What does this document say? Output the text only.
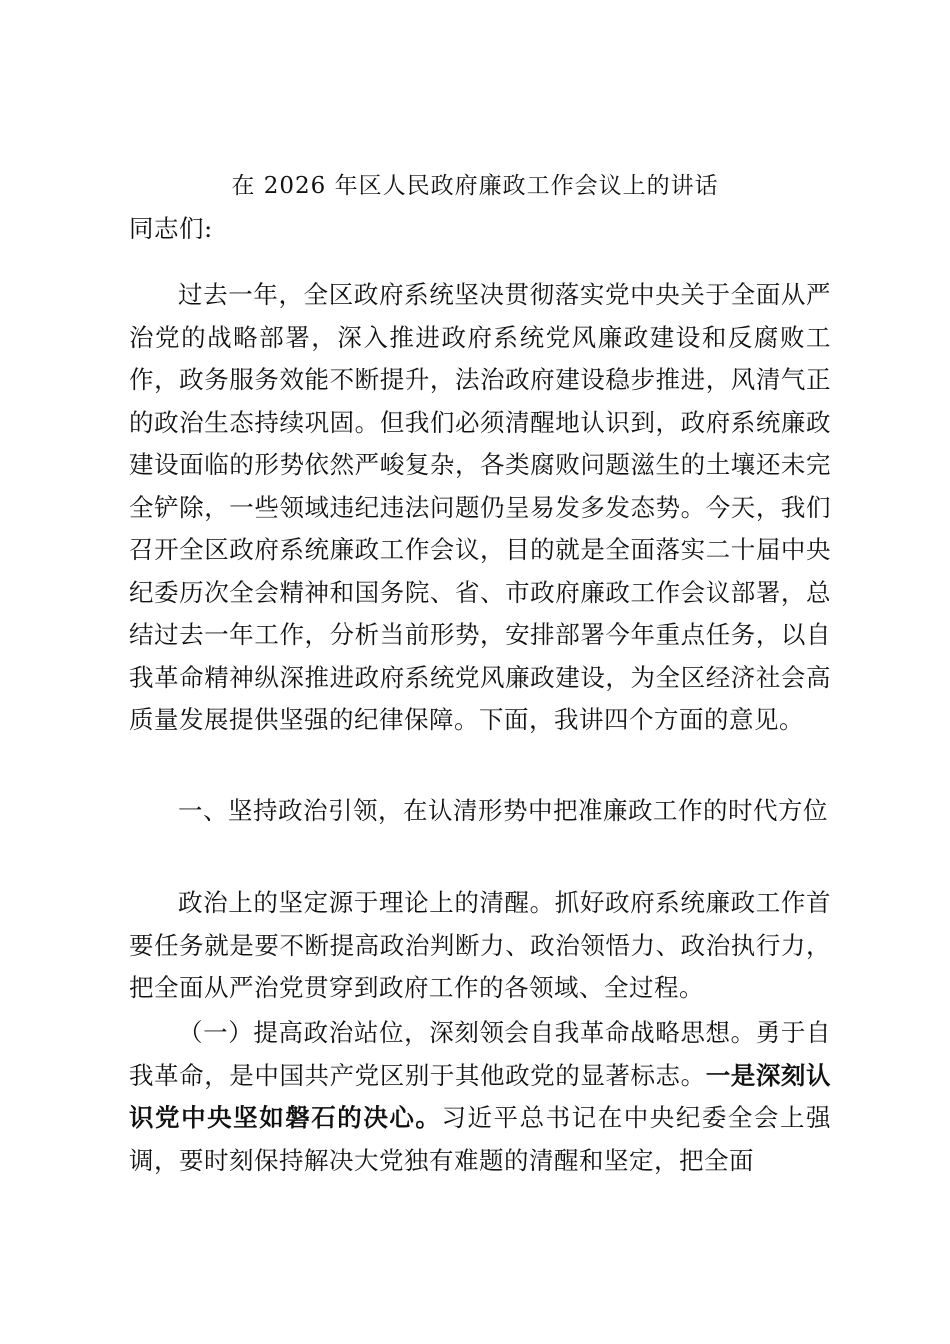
在 2026 年区人民政府廉政工作会议上的讲话
同志们:
过去一年，全区政府系统坚决贯彻落实党中央关于全面从严治党的战略部署，深入推进政府系统党风廉政建设和反腐败工作，政务服务效能不断提升，法治政府建设稳步推进，风清气正的政治生态持续巩固。但我们必须清醒地认识到，政府系统廉政建设面临的形势依然严峻复杂，各类腐败问题滋生的土壤还未完全铲除，一些领域违纪违法问题仍呈易发多发态势。今天，我们召开全区政府系统廉政工作会议，目的就是全面落实二十届中央纪委历次全会精神和国务院、省、市政府廉政工作会议部署，总结过去一年工作，分析当前形势，安排部署今年重点任务，以自我革命精神纵深推进政府系统党风廉政建设，为全区经济社会高质量发展提供坚强的纪律保障。下面，我讲四个方面的意见。
一、坚持政治引领，在认清形势中把准廉政工作的时代方位
政治上的坚定源于理论上的清醒。抓好政府系统廉政工作首要任务就是要不断提高政治判断力、政治领悟力、政治执行力，把全面从严治党贯穿到政府工作的各领域、全过程。
（一）提高政治站位，深刻领会自我革命战略思想。勇于自我革命，是中国共产党区别于其他政党的显著标志。一是深刻认识党中央坚如磐石的决心。习近平总书记在中央纪委全会上强调，要时刻保持解决大党独有难题的清醒和坚定，把全面
